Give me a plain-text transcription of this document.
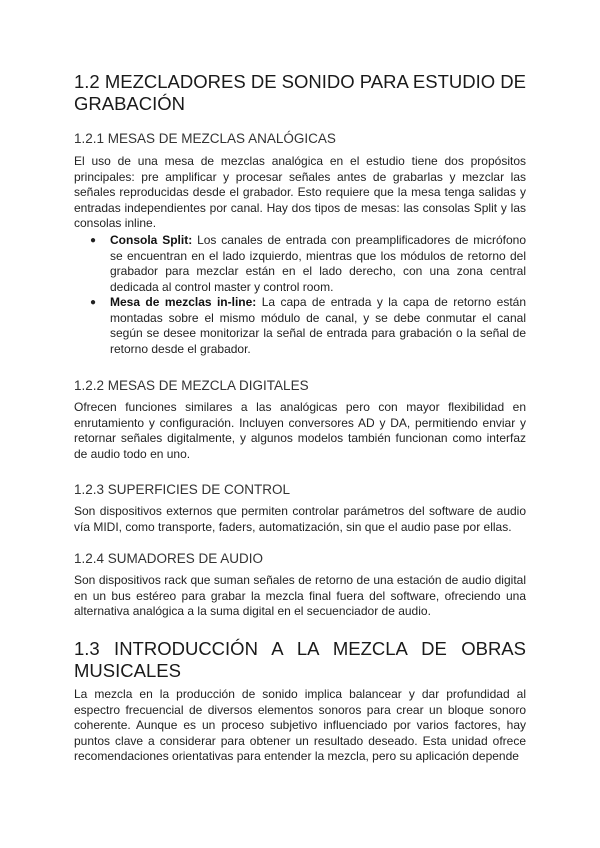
1.2 MEZCLADORES DE SONIDO PARA ESTUDIO DE GRABACIÓN
1.2.1 MESAS DE MEZCLAS ANALÓGICAS

El uso de una mesa de mezclas analógica en el estudio tiene dos propósitos principales: pre amplificar y procesar señales antes de grabarlas y mezclar las señales reproducidas desde el grabador. Esto requiere que la mesa tenga salidas y entradas independientes por canal. Hay dos tipos de mesas: las consolas Split y las consolas inline.

● Consola Split: Los canales de entrada con preamplificadores de micrófono se encuentran en el lado izquierdo, mientras que los módulos de retorno del grabador para mezclar están en el lado derecho, con una zona central dedicada al control master y control room.
● Mesa de mezclas in-line: La capa de entrada y la capa de retorno están montadas sobre el mismo módulo de canal, y se debe conmutar el canal según se desee monitorizar la señal de entrada para grabación o la señal de retorno desde el grabador.
1.2.2 MESAS DE MEZCLA DIGITALES

Ofrecen funciones similares a las analógicas pero con mayor flexibilidad en enrutamiento y configuración. Incluyen conversores AD y DA, permitiendo enviar y retornar señales digitalmente, y algunos modelos también funcionan como interfaz de audio todo en uno.

1.2.3 SUPERFICIES DE CONTROL

Son dispositivos externos que permiten controlar parámetros del software de audio vía MIDI, como transporte, faders, automatización, sin que el audio pase por ellas.

1.2.4 SUMADORES DE AUDIO

Son dispositivos rack que suman señales de retorno de una estación de audio digital en un bus estéreo para grabar la mezcla final fuera del software, ofreciendo una alternativa analógica a la suma digital en el secuenciador de audio.

1.3 INTRODUCCIÓN A LA MEZCLA DE OBRAS MUSICALES

La mezcla en la producción de sonido implica balancear y dar profundidad al espectro frecuencial de diversos elementos sonoros para crear un bloque sonoro coherente. Aunque es un proceso subjetivo influenciado por varios factores, hay puntos clave a considerar para obtener un resultado deseado. Esta unidad ofrece recomendaciones orientativas para entender la mezcla, pero su aplicación depende
